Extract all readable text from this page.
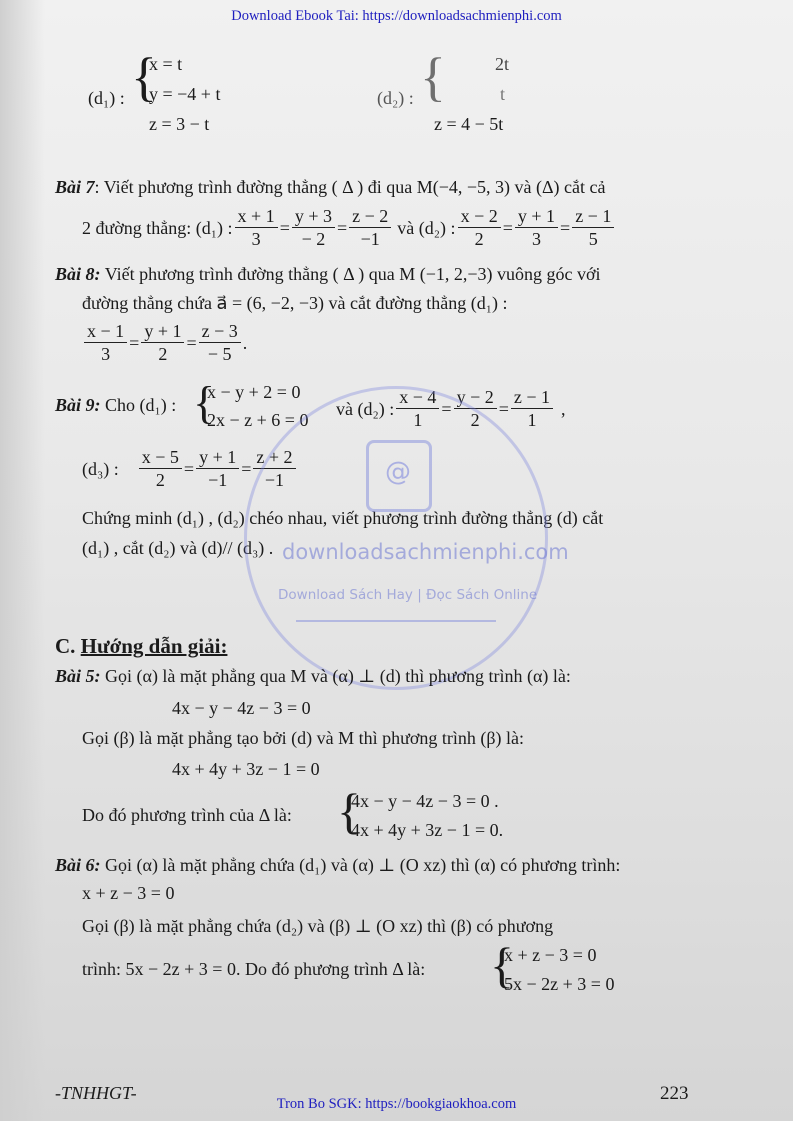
Download Ebook Tai: https://downloadsachmienphi.com
(d₁) : {
x = t
y = −4 + t
z = 3 − t
(d₂) : {	2t
t
z = 4 − 5t
Bài 7: Viết phương trình đường thẳng ( Δ ) đi qua M(−4, −5, 3) và (Δ) cắt cả
2 đường thẳng: (d₁) : $\frac{x + 1}{3} = \frac{y + 3}{- 2} = \frac{z - 2}{-1}$ và (d₂) : $\frac{x - 2}{2} = \frac{y + 1}{3} = \frac{z - 1}{5}$
Bài 8: Viết phương trình đường thẳng ( Δ ) qua M (−1, 2,−3) vuông góc với
đường thẳng chứa a⃗ = (6, −2, −3) và cắt đường thẳng (d₁) :
$\frac{x - 1}{3} = \frac{y + 1}{2} = \frac{z - 3}{- 5}$ .
Bài 9: Cho (d₁) : {
x − y + 2 = 0
2x − z + 6 = 0
và (d₂) : $\frac{x - 4}{1} = \frac{y - 2}{2} = \frac{z - 1}{1}$ ,
(d₃) : $\frac{x - 5}{2} = \frac{y + 1}{-1} = \frac{z + 2}{-1}$
Chứng minh (d₁) , (d₂) chéo nhau, viết phương trình đường thẳng (d) cắt
(d₁) , cắt (d₂) và (d)// (d₃) .
@
downloadsachmienphi.com
Download Sách Hay | Đọc Sách Online
C. Hướng dẫn giải:
Bài 5: Gọi (α) là mặt phẳng qua M và (α) ⊥ (d) thì phương trình (α) là:
4x − y − 4z − 3 = 0
Gọi (β) là mặt phẳng tạo bởi (d) và M thì phương trình (β) là:
4x + 4y + 3z − 1 = 0
Do đó phương trình của Δ là: {
4x − y − 4z − 3 = 0 .
4x + 4y + 3z − 1 = 0.
Bài 6: Gọi (α) là mặt phẳng chứa (d₁) và (α) ⊥ (O xz) thì (α) có phương trình:
x + z − 3 = 0
Gọi (β) là mặt phẳng chứa (d₂) và (β) ⊥ (O xz) thì (β) có phương
trình: 5x − 2z + 3 = 0. Do đó phương trình Δ là: {
x + z − 3 = 0
5x − 2z + 3 = 0
-TNHHGT-	223
Tron Bo SGK: https://bookgiaokhoa.com
